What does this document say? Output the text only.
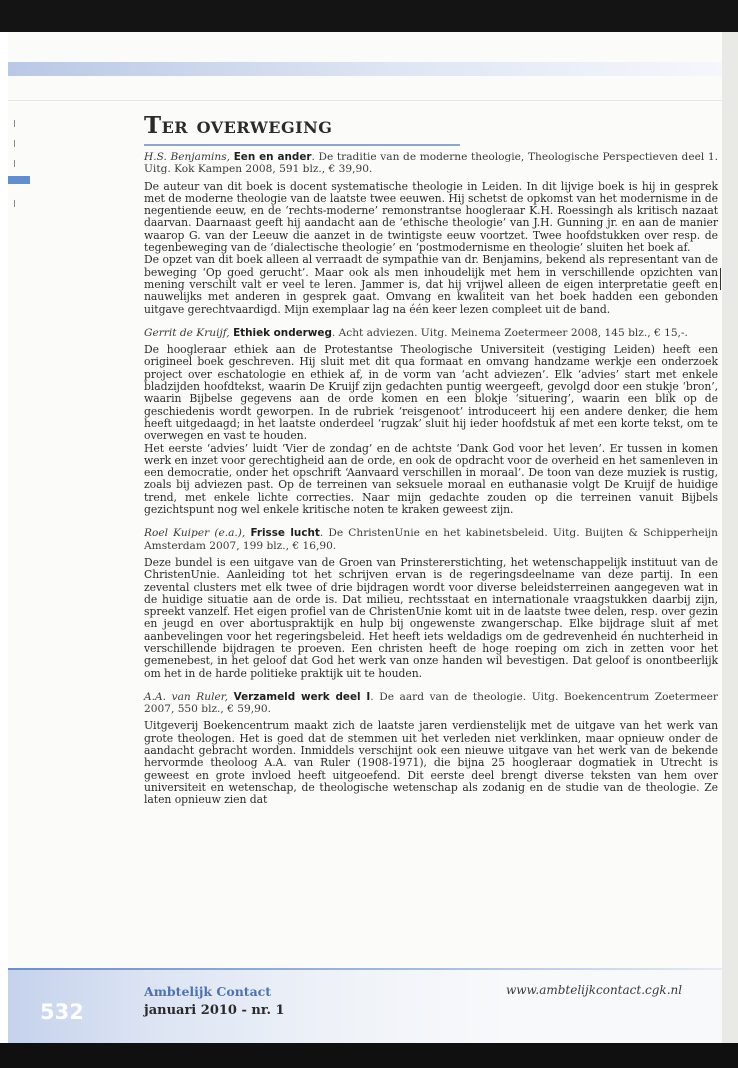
Ter overweging

H.S. Benjamins, Een en ander. De traditie van de moderne theologie, Theologische Perspectieven deel 1. Uitg. Kok Kampen 2008, 591 blz., € 39,90.

De auteur van dit boek is docent systematische theologie in Leiden. In dit lijvige boek is hij in gesprek met de moderne theologie van de laatste twee eeuwen. Hij schetst de opkomst van het modernisme in de negentiende eeuw, en de ‘rechts-moderne’ remonstrantse hoogleraar K.H. Roessingh als kritisch nazaat daarvan. Daarnaast geeft hij aandacht aan de ‘ethische theologie’ van J.H. Gunning jr. en aan de manier waarop G. van der Leeuw die aanzet in de twintigste eeuw voortzet. Twee hoofdstukken over resp. de tegenbeweging van de ‘dialectische theologie’ en ‘postmodernisme en theologie’ sluiten het boek af.

De opzet van dit boek alleen al verraadt de sympathie van dr. Benjamins, bekend als representant van de beweging ‘Op goed gerucht’. Maar ook als men inhoudelijk met hem in verschillende opzichten van mening verschilt valt er veel te leren. Jammer is, dat hij vrijwel alleen de eigen interpretatie geeft en nauwelijks met anderen in gesprek gaat. Omvang en kwaliteit van het boek hadden een gebonden uitgave gerechtvaardigd. Mijn exemplaar lag na één keer lezen compleet uit de band.

Gerrit de Kruijf, Ethiek onderweg. Acht adviezen. Uitg. Meinema Zoetermeer 2008, 145 blz., € 15,-.

De hoogleraar ethiek aan de Protestantse Theologische Universiteit (vestiging Leiden) heeft een origineel boek geschreven. Hij sluit met dit qua formaat en omvang handzame werkje een onderzoek project over eschatologie en ethiek af, in de vorm van ‘acht adviezen’. Elk ‘advies’ start met enkele bladzijden hoofdtekst, waarin De Kruijf zijn gedachten puntig weergeeft, gevolgd door een stukje ‘bron’, waarin Bijbelse gegevens aan de orde komen en een blokje ‘situering’, waarin een blik op de geschiedenis wordt geworpen. In de rubriek ‘reisgenoot’ introduceert hij een andere denker, die hem heeft uitgedaagd; in het laatste onderdeel ‘rugzak’ sluit hij ieder hoofdstuk af met een korte tekst, om te overwegen en vast te houden.

Het eerste ‘advies’ luidt ‘Vier de zondag’ en de achtste ‘Dank God voor het leven’. Er tussen in komen werk en inzet voor gerechtigheid aan de orde, en ook de opdracht voor de overheid en het samenleven in een democratie, onder het opschrift ‘Aanvaard verschillen in moraal’. De toon van deze muziek is rustig, zoals bij adviezen past. Op de terreinen van seksuele moraal en euthanasie volgt De Kruijf de huidige trend, met enkele lichte correcties. Naar mijn gedachte zouden op die terreinen vanuit Bijbels gezichtspunt nog wel enkele kritische noten te kraken geweest zijn.

Roel Kuiper (e.a.), Frisse lucht. De ChristenUnie en het kabinetsbeleid. Uitg. Buijten & Schipperheijn Amsterdam 2007, 199 blz., € 16,90.

Deze bundel is een uitgave van de Groen van Prinstererstichting, het wetenschappelijk instituut van de ChristenUnie. Aanleiding tot het schrijven ervan is de regeringsdeelname van deze partij. In een zevental clusters met elk twee of drie bijdragen wordt voor diverse beleidsterreinen aangegeven wat in de huidige situatie aan de orde is. Dat milieu, rechtsstaat en internationale vraagstukken daarbij zijn, spreekt vanzelf. Het eigen profiel van de ChristenUnie komt uit in de laatste twee delen, resp. over gezin en jeugd en over abortuspraktijk en hulp bij ongewenste zwangerschap. Elke bijdrage sluit af met aanbevelingen voor het regeringsbeleid. Het heeft iets weldadigs om de gedrevenheid én nuchterheid in verschillende bijdragen te proeven. Een christen heeft de hoge roeping om zich in zetten voor het gemenebest, in het geloof dat God het werk van onze handen wil bevestigen. Dat geloof is onontbeerlijk om het in de harde politieke praktijk uit te houden.

A.A. van Ruler, Verzameld werk deel I. De aard van de theologie. Uitg. Boekencentrum Zoetermeer 2007, 550 blz., € 59,90.

Uitgeverij Boekencentrum maakt zich de laatste jaren verdienstelijk met de uitgave van het werk van grote theologen. Het is goed dat de stemmen uit het verleden niet verklinken, maar opnieuw onder de aandacht gebracht worden. Inmiddels verschijnt ook een nieuwe uitgave van het werk van de bekende hervormde theoloog A.A. van Ruler (1908-1971), die bijna 25 hoogleraar dogmatiek in Utrecht is geweest en grote invloed heeft uitgeoefend. Dit eerste deel brengt diverse teksten van hem over universiteit en wetenschap, de theologische wetenschap als zodanig en de studie van de theologie. Ze laten opnieuw zien dat

532
Ambtelijk Contact
januari 2010 - nr. 1
www.ambtelijkcontact.cgk.nl
